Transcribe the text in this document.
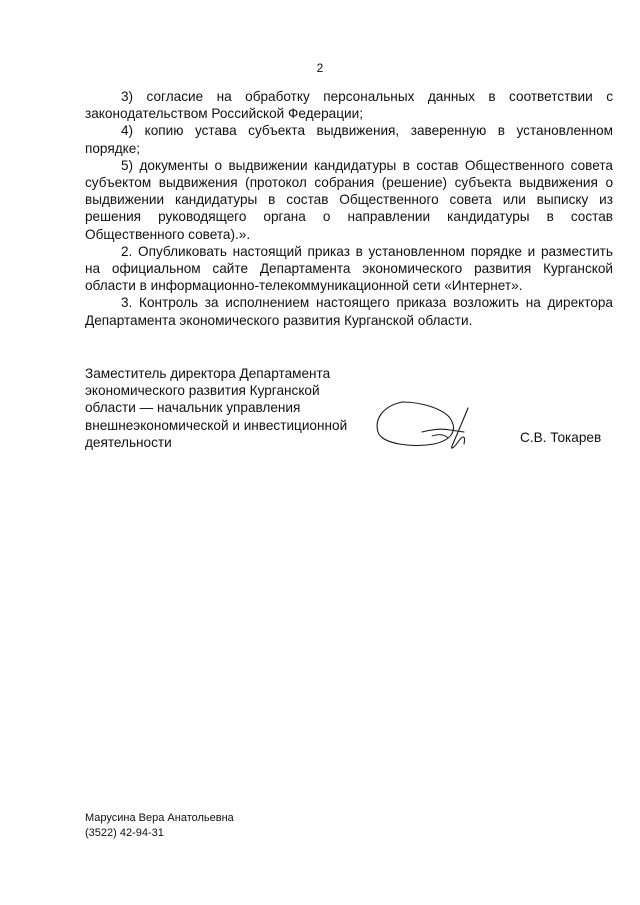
2

3) согласие на обработку персональных данных в соответствии с законодательством Российской Федерации;

4) копию устава субъекта выдвижения, заверенную в установленном порядке;

5) документы о выдвижении кандидатуры в состав Общественного совета субъектом выдвижения (протокол собрания (решение) субъекта выдвижения о выдвижении кандидатуры в состав Общественного совета или выписку из решения руководящего органа о направлении кандидатуры в состав Общественного совета).».

2. Опубликовать настоящий приказ в установленном порядке и разместить на официальном сайте Департамента экономического развития Курганской области в информационно-телекоммуникационной сети «Интернет».

3. Контроль за исполнением настоящего приказа возложить на директора Департамента экономического развития Курганской области.

Заместитель директора Департамента
экономического развития Курганской
области — начальник управления
внешнеэкономической и инвестиционной
деятельности	С.В. Токарев
Марусина Вера Анатольевна
(3522) 42-94-31
